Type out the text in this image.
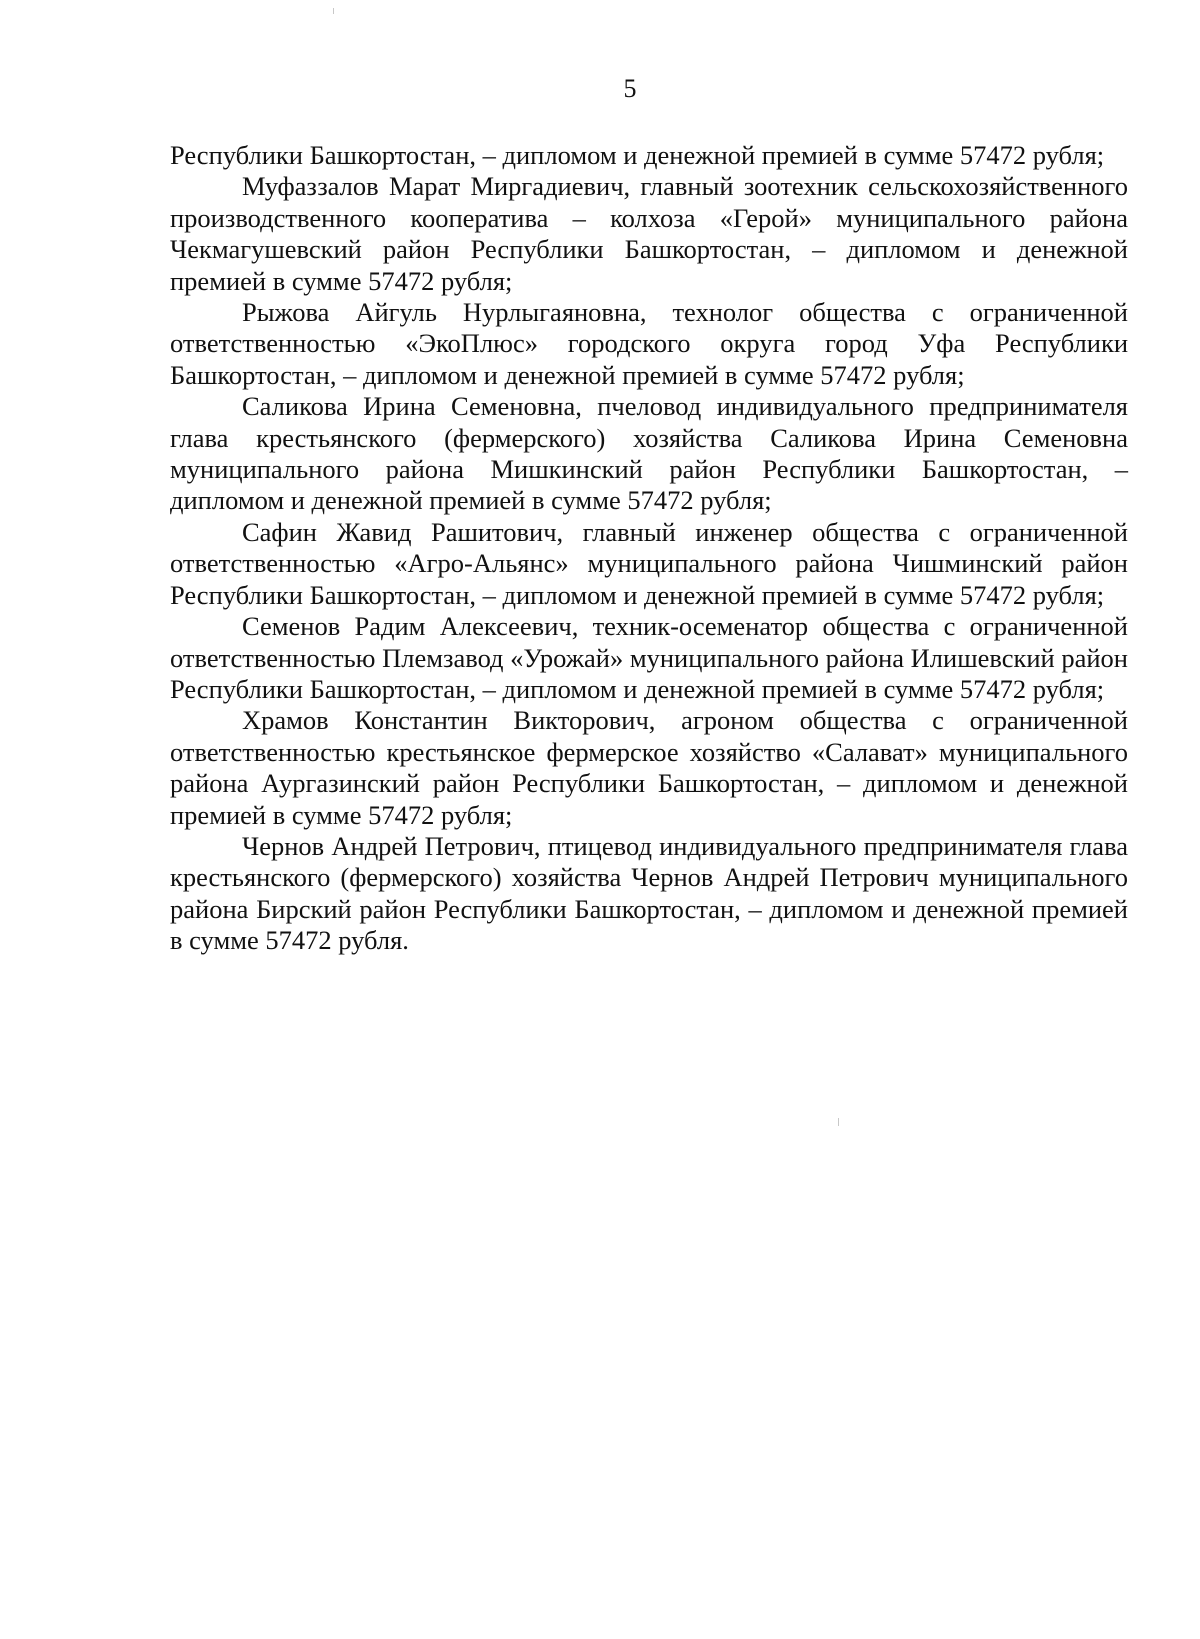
5

Республики Башкортостан, – дипломом и денежной премией в сумме 57472 рубля;

Муфаззалов Марат Миргадиевич, главный зоотехник сельскохозяйственного производственного кооператива – колхоза «Герой» муниципального района Чекмагушевский район Республики Башкортостан, – дипломом и денежной премией в сумме 57472 рубля;

Рыжова Айгуль Нурлыгаяновна, технолог общества с ограниченной ответственностью «ЭкоПлюс» городского округа город Уфа Республики Башкортостан, – дипломом и денежной премией в сумме 57472 рубля;

Саликова Ирина Семеновна, пчеловод индивидуального предпринимателя глава крестьянского (фермерского) хозяйства Саликова Ирина Семеновна муниципального района Мишкинский район Республики Башкортостан, – дипломом и денежной премией в сумме 57472 рубля;

Сафин Жавид Рашитович, главный инженер общества с ограниченной ответственностью «Агро-Альянс» муниципального района Чишминский район Республики Башкортостан, – дипломом и денежной премией в сумме 57472 рубля;

Семенов Радим Алексеевич, техник-осеменатор общества с ограниченной ответственностью Племзавод «Урожай» муниципального района Илишевский район Республики Башкортостан, – дипломом и денежной премией в сумме 57472 рубля;

Храмов Константин Викторович, агроном общества с ограниченной ответственностью крестьянское фермерское хозяйство «Салават» муниципального района Аургазинский район Республики Башкортостан, – дипломом и денежной премией в сумме 57472 рубля;

Чернов Андрей Петрович, птицевод индивидуального предпринимателя глава крестьянского (фермерского) хозяйства Чернов Андрей Петрович муниципального района Бирский район Республики Башкортостан, – дипломом и денежной премией в сумме 57472 рубля.
